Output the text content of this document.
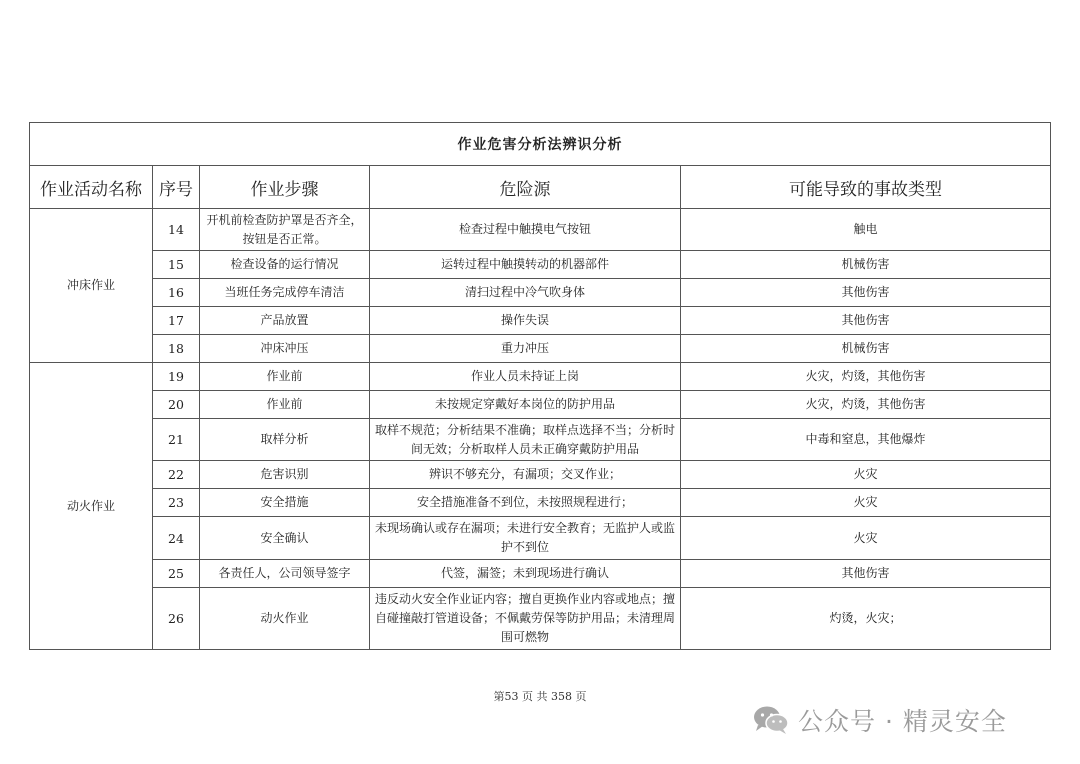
作业危害分析法辨识分析				
作业活动名称	序号	作业步骤	危险源	可能导致的事故类型
冲床作业	14	开机前检查防护罩是否齐全，按钮是否正常。	检查过程中触摸电气按钮	触电
	15	检查设备的运行情况	运转过程中触摸转动的机器部件	机械伤害
	16	当班任务完成停车清洁	清扫过程中冷气吹身体	其他伤害
	17	产品放置	操作失误	其他伤害
	18	冲床冲压	重力冲压	机械伤害
动火作业	19	作业前	作业人员未持证上岗	火灾，灼烫，其他伤害
	20	作业前	未按规定穿戴好本岗位的防护用品	火灾，灼烫，其他伤害
	21	取样分析	取样不规范；分析结果不准确；取样点选择不当；分析时间无效；分析取样人员未正确穿戴防护用品	中毒和窒息，其他爆炸
	22	危害识别	辨识不够充分，有漏项；交叉作业；	火灾
	23	安全措施	安全措施准备不到位，未按照规程进行；	火灾
	24	安全确认	未现场确认或存在漏项；未进行安全教育；无监护人或监护不到位	火灾
	25	各责任人，公司领导签字	代签，漏签；未到现场进行确认	其他伤害
	26	动火作业	违反动火安全作业证内容；擅自更换作业内容或地点；擅自碰撞敲打管道设备；不佩戴劳保等防护用品；未清理周围可燃物	灼烫，火灾；
第53 页 共 358 页
公众号 · 精灵安全
